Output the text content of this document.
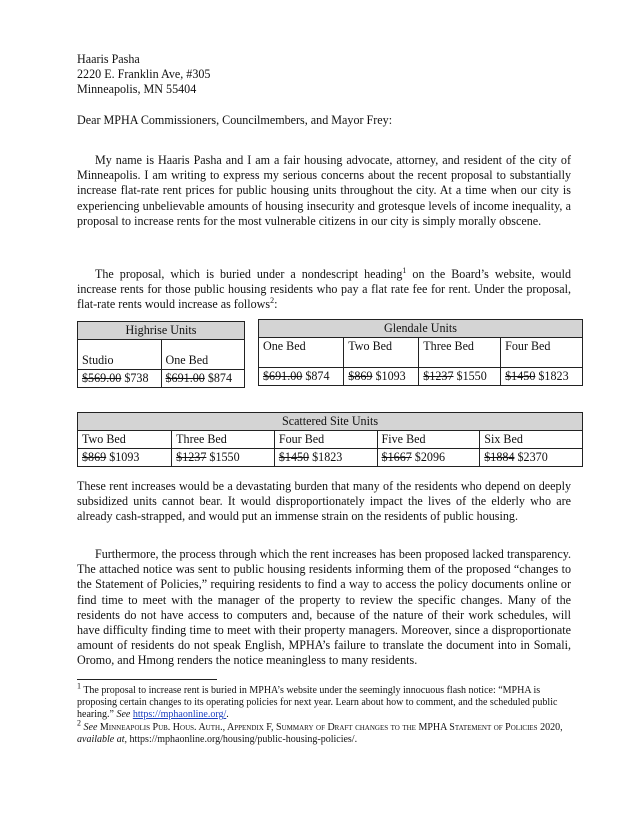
Haaris Pasha
2220 E. Franklin Ave, #305
Minneapolis, MN 55404

Dear MPHA Commissioners, Councilmembers, and Mayor Frey:

My name is Haaris Pasha and I am a fair housing advocate, attorney, and resident of the city of Minneapolis. I am writing to express my serious concerns about the recent proposal to substantially increase flat-rate rent prices for public housing units throughout the city. At a time when our city is experiencing unbelievable amounts of housing insecurity and grotesque levels of income inequality, a proposal to increase rents for the most vulnerable citizens in our city is simply morally obscene.

The proposal, which is buried under a nondescript heading$^1$ on the Board’s website, would increase rents for those public housing residents who pay a flat rate fee for rent. Under the proposal, flat-rate rents would increase as follows$^2$:

Highrise Units	
Studio	One Bed
$569.00 $738	$691.00 $874
Glendale Units			
One Bed	Two Bed	Three Bed	Four Bed
$691.00 $874	$869 $1093	$1237 $1550	$1450 $1823
Scattered Site Units				
Two Bed	Three Bed	Four Bed	Five Bed	Six Bed
$869 $1093	$1237 $1550	$1450 $1823	$1667 $2096	$1884 $2370

These rent increases would be a devastating burden that many of the residents who depend on deeply subsidized units cannot bear. It would disproportionately impact the lives of the elderly who are already cash-strapped, and would put an immense strain on the residents of public housing.

Furthermore, the process through which the rent increases has been proposed lacked transparency. The attached notice was sent to public housing residents informing them of the proposed “changes to the Statement of Policies,” requiring residents to find a way to access the policy documents online or find time to meet with the manager of the property to review the specific changes. Many of the residents do not have access to computers and, because of the nature of their work schedules, will have difficulty finding time to meet with their property managers. Moreover, since a disproportionate amount of residents do not speak English, MPHA’s failure to translate the document into in Somali, Oromo, and Hmong renders the notice meaningless to many residents.

$^1$ The proposal to increase rent is buried in MPHA’s website under the seemingly innocuous flash notice: “MPHA is proposing certain changes to its operating policies for next year. Learn about how to comment, and the scheduled public hearing.” See https://mphaonline.org/.

$^2$ See Minneapolis Pub. Hous. Auth., Appendix F, Summary of Draft changes to the MPHA Statement of Policies 2020, available at, https://mphaonline.org/housing/public-housing-policies/.
